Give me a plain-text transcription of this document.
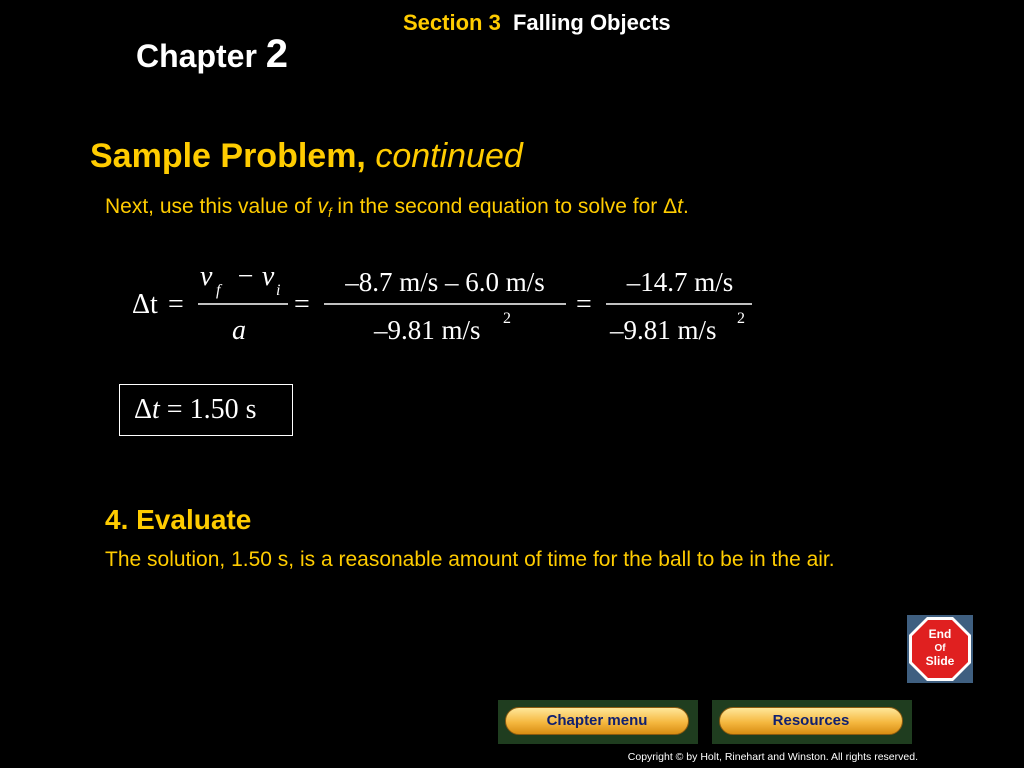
Chapter 2
Section 3 Falling Objects
Sample Problem, continued
Next, use this value of $v_f$ in the second equation to solve for Δt.
Δt =
v f − v i
a
=
–8.7 m/s – 6.0 m/s
–9.81 m/s 2 =
–14.7 m/s
–9.81 m/s 2
Δt = 1.50 s
4. Evaluate
The solution, 1.50 s, is a reasonable amount of time for the ball to be in the air.
End
Of
Slide
Chapter menu	Resources
Copyright © by Holt, Rinehart and Winston. All rights reserved.
